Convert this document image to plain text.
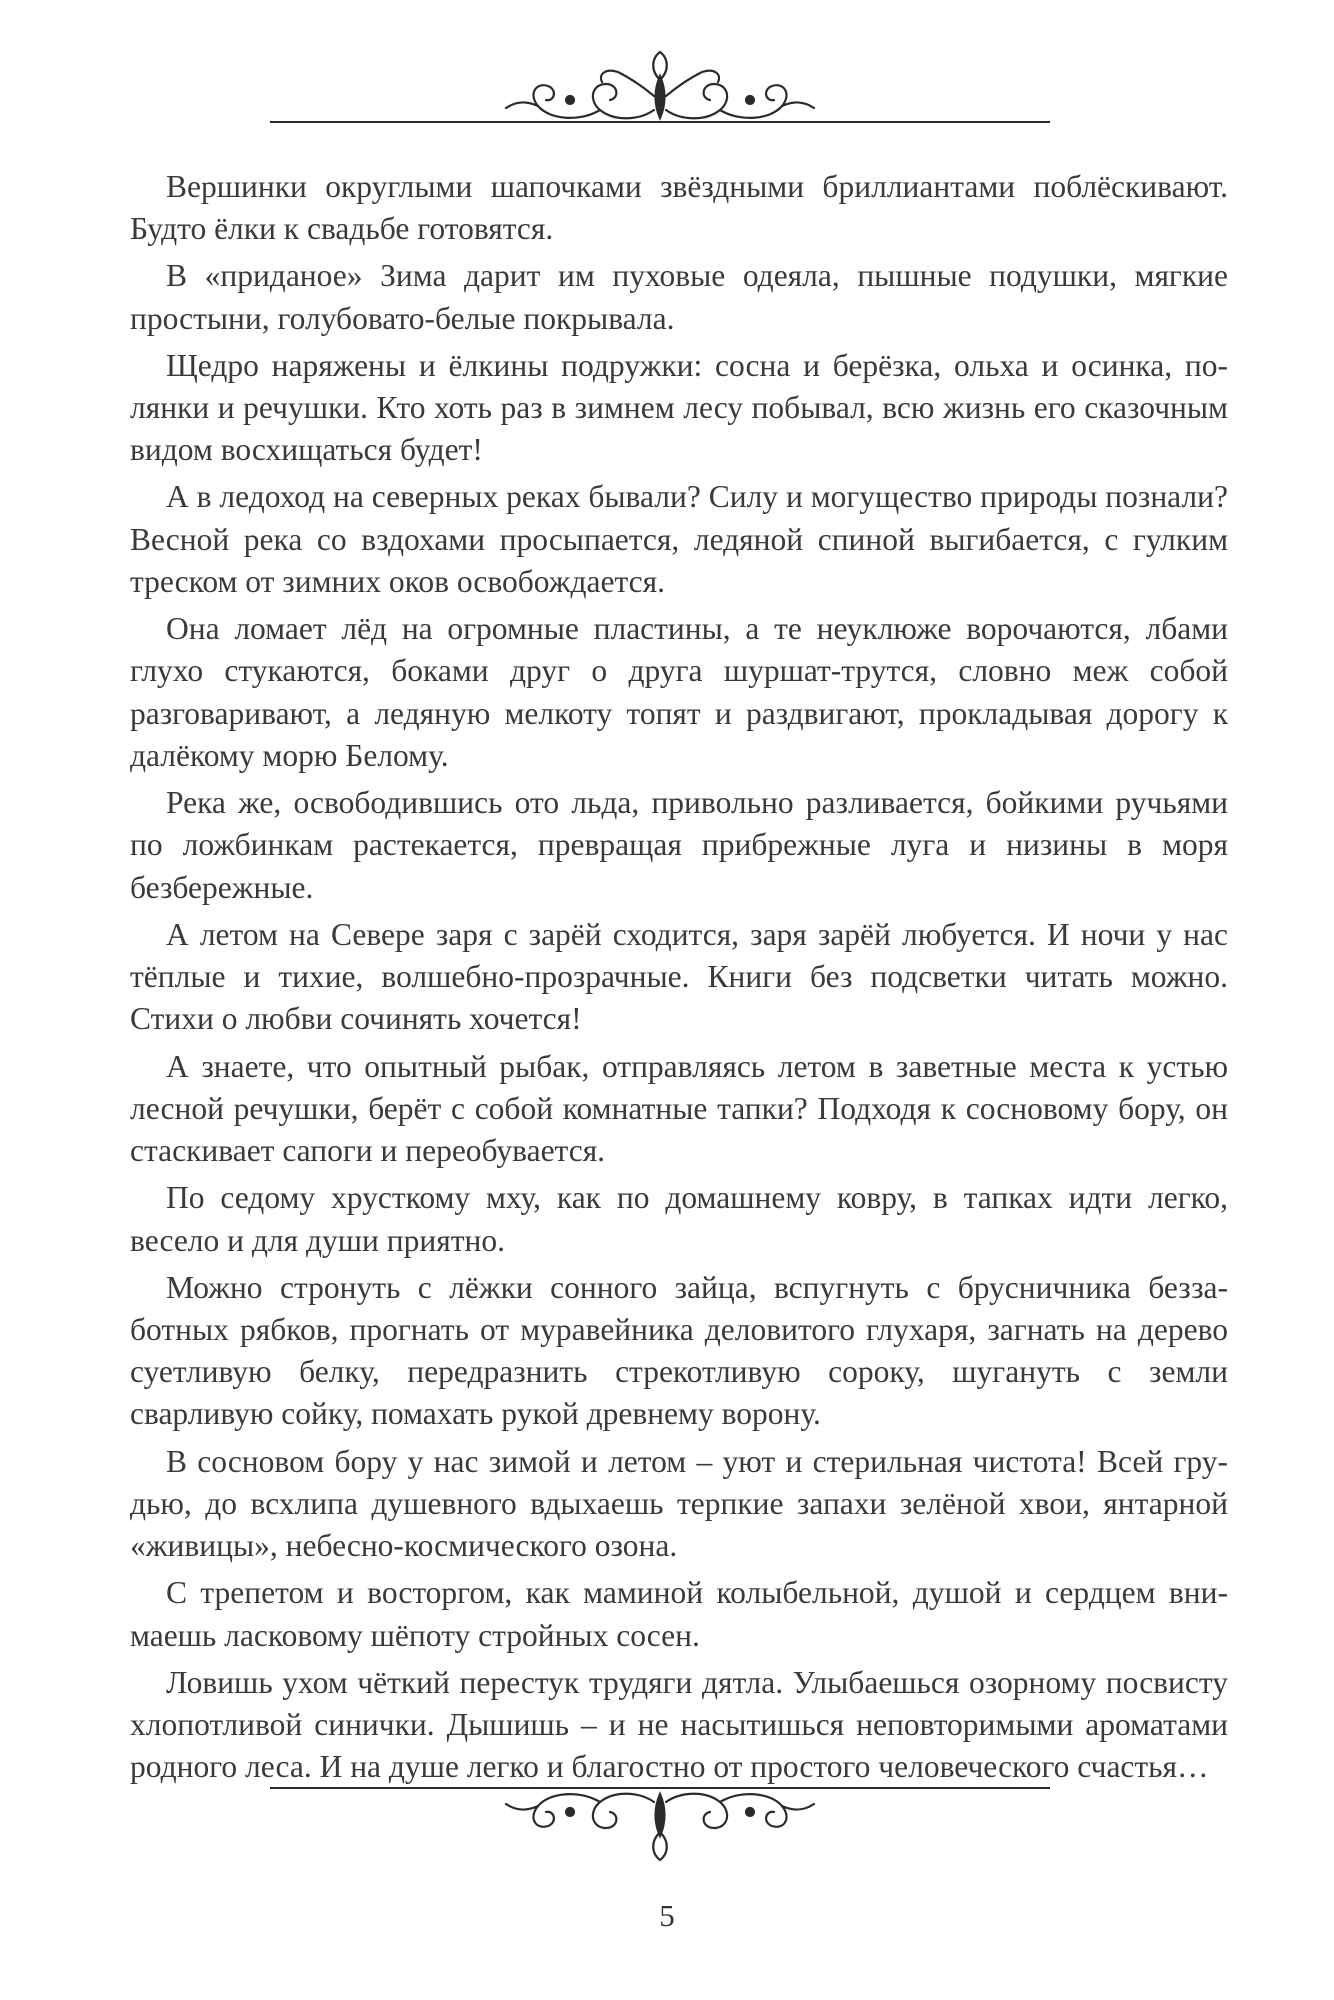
Вершинки округлыми шапочками звёздными бриллиантами поблёскивают. Будто ёлки к свадьбе готовятся.

В «приданое» Зима дарит им пуховые одеяла, пышные подушки, мягкие простыни, голубовато-белые покрывала.

Щедро наряжены и ёлкины подружки: сосна и берёзка, ольха и осинка, полянки и речушки. Кто хоть раз в зимнем лесу побывал, всю жизнь его сказочным видом восхищаться будет!

А в ледоход на северных реках бывали? Силу и могущество природы познали? Весной река со вздохами просыпается, ледяной спиной выгибается, с гулким треском от зимних оков освобождается.

Она ломает лёд на огромные пластины, а те неуклюже ворочаются, лбами глухо стукаются, боками друг о друга шуршат-трутся, словно меж собой разговаривают, а ледяную мелкоту топят и раздвигают, прокладывая дорогу к далёкому морю Белому.

Река же, освободившись ото льда, привольно разливается, бойкими ручьями по ложбинкам растекается, превращая прибрежные луга и низины в моря безбережные.

А летом на Севере заря с зарёй сходится, заря зарёй любуется. И ночи у нас тёплые и тихие, волшебно-прозрачные. Книги без подсветки читать можно. Стихи о любви сочинять хочется!

А знаете, что опытный рыбак, отправляясь летом в заветные места к устью лесной речушки, берёт с собой комнатные тапки? Подходя к сосновому бору, он стаскивает сапоги и переобувается.

По седому хрусткому мху, как по домашнему ковру, в тапках идти легко, весело и для души приятно.

Можно стронуть с лёжки сонного зайца, вспугнуть с брусничника беззаботных рябков, прогнать от муравейника деловитого глухаря, загнать на дерево суетливую белку, передразнить стрекотливую сороку, шугануть с земли сварливую сойку, помахать рукой древнему ворону.

В сосновом бору у нас зимой и летом – уют и стерильная чистота! Всей грудью, до всхлипа душевного вдыхаешь терпкие запахи зелёной хвои, янтарной «живицы», небесно-космического озона.

С трепетом и восторгом, как маминой колыбельной, душой и сердцем внимаешь ласковому шёпоту стройных сосен.

Ловишь ухом чёткий перестук трудяги дятла. Улыбаешься озорному посвисту хлопотливой синички. Дышишь – и не насытишься неповторимыми ароматами родного леса. И на душе легко и благостно от простого человеческого счастья…

5
